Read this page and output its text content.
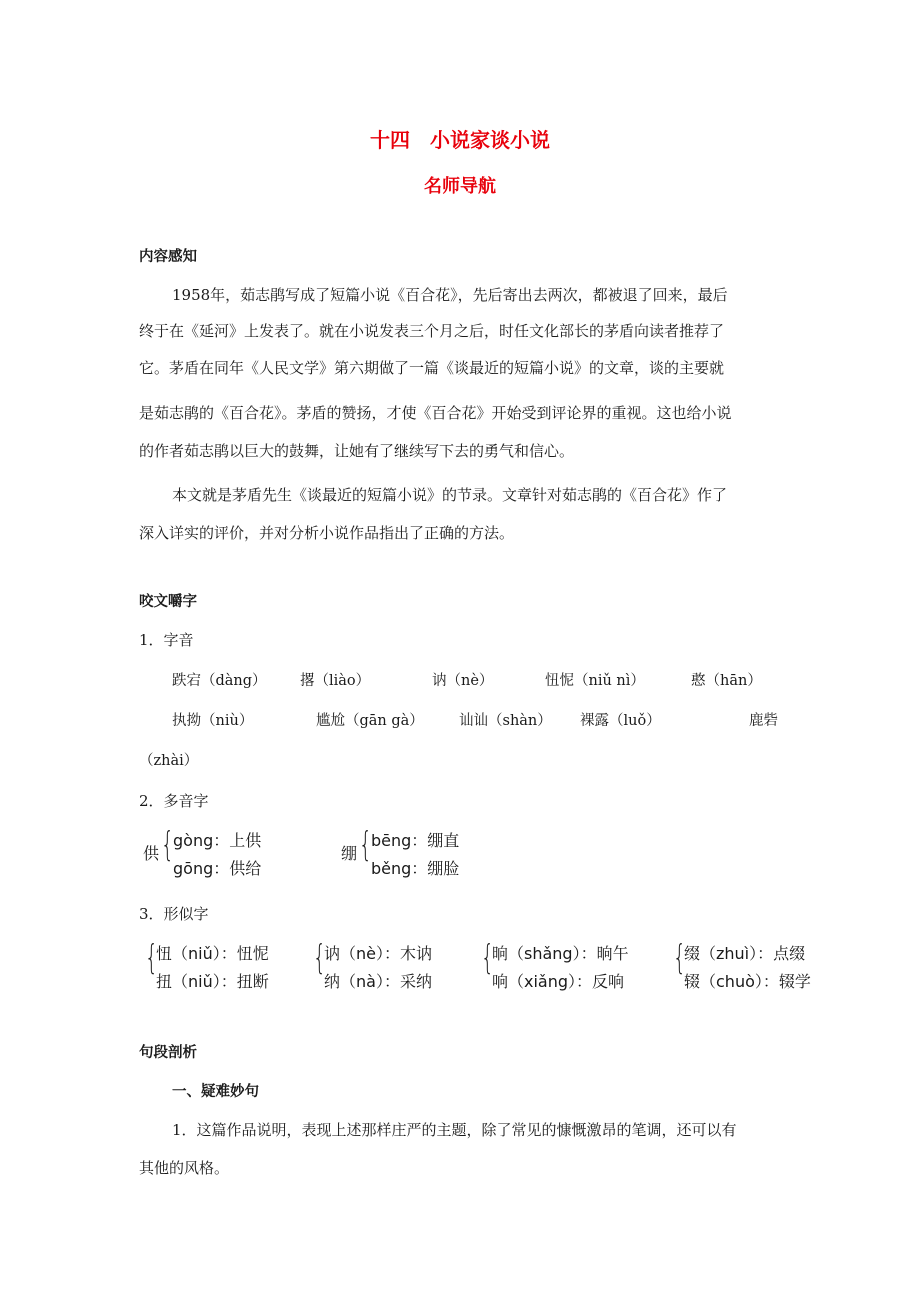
十四　小说家谈小说
名师导航
内容感知
1958年，茹志鹃写成了短篇小说《百合花》，先后寄出去两次，都被退了回来，最后
终于在《延河》上发表了。就在小说发表三个月之后，时任文化部长的茅盾向读者推荐了
它。茅盾在同年《人民文学》第六期做了一篇《谈最近的短篇小说》的文章，谈的主要就
是茹志鹃的《百合花》。茅盾的赞扬，才使《百合花》开始受到评论界的重视。这也给小说
的作者茹志鹃以巨大的鼓舞，让她有了继续写下去的勇气和信心。
本文就是茅盾先生《谈最近的短篇小说》的节录。文章针对茹志鹃的《百合花》作了
深入详实的评价，并对分析小说作品指出了正确的方法。
咬文嚼字
1．字音
跌宕（dàng） 撂（liào）	讷（nè）	忸怩（niǔ nì）	憨（hān）
执拗（niù）	尴尬（gān gà） 讪讪（shàn） 裸露（luǒ）	鹿砦
（zhài）
2．多音字
供 { gòng：上供
gōng：供给
绷 { bēng：绷直
běng：绷脸
3．形似字
{
忸（niǔ）：忸怩
扭（niǔ）：扭断
{
讷（nè）：木讷
纳（nà）：采纳
{
晌（shǎng）：晌午
响（xiǎng）：反响
{
缀（zhuì）：点缀
辍（chuò）：辍学
句段剖析
一、疑难妙句
1．这篇作品说明，表现上述那样庄严的主题，除了常见的慷慨激昂的笔调，还可以有
其他的风格。
